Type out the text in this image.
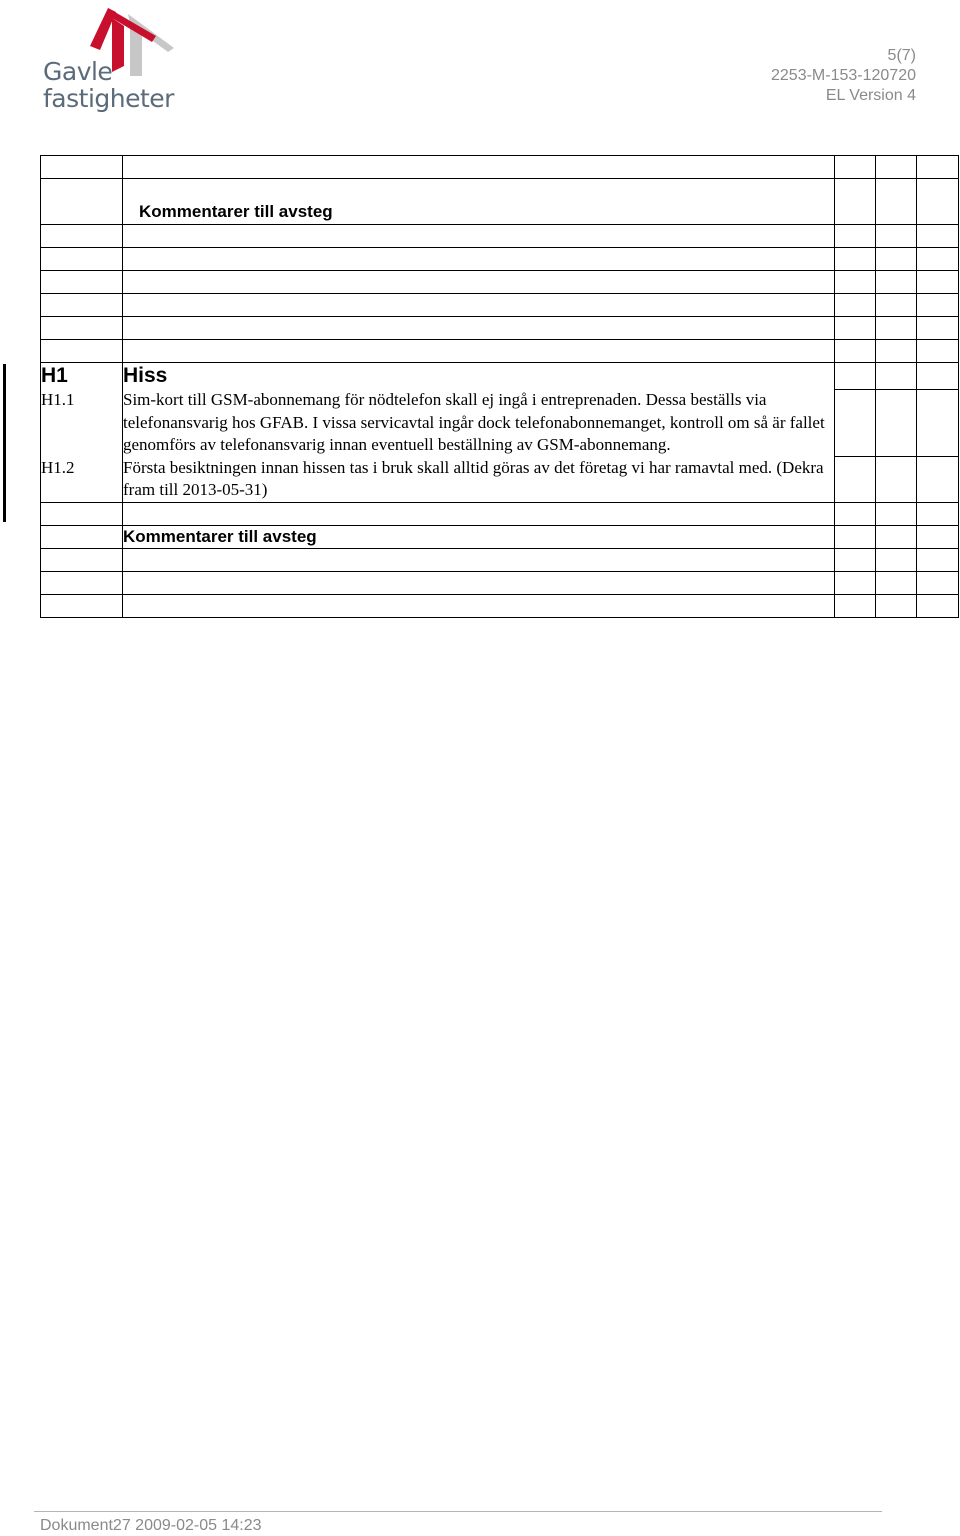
Gavle
fastigheter
5(7)
2253-M-153-120720
EL Version 4

	Kommentarer till avsteg			

H1	Hiss			
H1.1	Sim-kort till GSM-abonnemang för nödtelefon skall ej ingå i entreprenaden. Dessa beställs via telefonansvarig hos GFAB. I vissa servicavtal ingår dock telefonabonnemanget, kontroll om så är fallet genomförs av telefonansvarig innan eventuell beställning av GSM-abonnemang.			
H1.2	Första besiktningen innan hissen tas i bruk skall alltid göras av det företag vi har ramavtal med. (Dekra fram till 2013-05-31)			

	Kommentarer till avsteg			

Dokument27 2009-02-05 14:23
